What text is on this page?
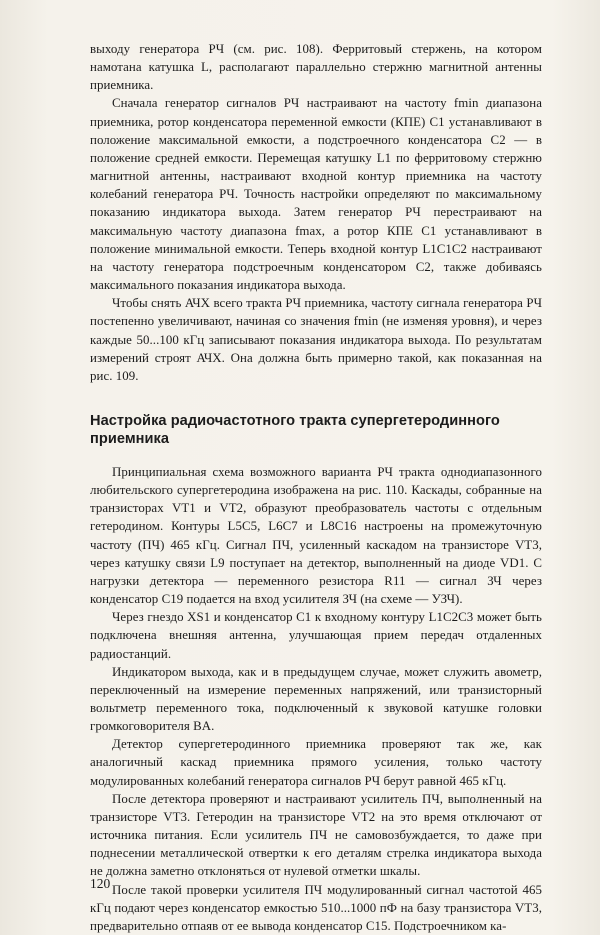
выходу генератора РЧ (см. рис. 108). Ферритовый стержень, на котором намотана катушка L, располагают параллельно стержню магнитной антенны приемника.

Сначала генератор сигналов РЧ настраивают на частоту fmin диапазона приемника, ротор конденсатора переменной емкости (КПЕ) C1 устанавливают в положение максимальной емкости, а подстроечного конденсатора C2 — в положение средней емкости. Перемещая катушку L1 по ферритовому стержню магнитной антенны, настраивают входной контур приемника на частоту колебаний генератора РЧ. Точность настройки определяют по максимальному показанию индикатора выхода. Затем генератор РЧ перестраивают на максимальную частоту диапазона fmax, а ротор КПЕ C1 устанавливают в положение минимальной емкости. Теперь входной контур L1C1C2 настраивают на частоту генератора подстроечным конденсатором C2, также добиваясь максимального показания индикатора выхода.

Чтобы снять АЧХ всего тракта РЧ приемника, частоту сигнала генератора РЧ постепенно увеличивают, начиная со значения fmin (не изменяя уровня), и через каждые 50...100 кГц записывают показания индикатора выхода. По результатам измерений строят АЧХ. Она должна быть примерно такой, как показанная на рис. 109.

Настройка радиочастотного тракта супергетеродинного приемника

Принципиальная схема возможного варианта РЧ тракта однодиапазонного любительского супергетеродина изображена на рис. 110. Каскады, собранные на транзисторах VT1 и VT2, образуют преобразователь частоты с отдельным гетеродином. Контуры L5C5, L6C7 и L8C16 настроены на промежуточную частоту (ПЧ) 465 кГц. Сигнал ПЧ, усиленный каскадом на транзисторе VT3, через катушку связи L9 поступает на детектор, выполненный на диоде VD1. С нагрузки детектора — переменного резистора R11 — сигнал ЗЧ через конденсатор C19 подается на вход усилителя ЗЧ (на схеме — УЗЧ).

Через гнездо XS1 и конденсатор C1 к входному контуру L1C2C3 может быть подключена внешняя антенна, улучшающая прием передач отдаленных радиостанций.

Индикатором выхода, как и в предыдущем случае, может служить авометр, переключенный на измерение переменных напряжений, или транзисторный вольтметр переменного тока, подключенный к звуковой катушке головки громкоговорителя BA.

Детектор супергетеродинного приемника проверяют так же, как аналогичный каскад приемника прямого усиления, только частоту модулированных колебаний генератора сигналов РЧ берут равной 465 кГц.

После детектора проверяют и настраивают усилитель ПЧ, выполненный на транзисторе VT3. Гетеродин на транзисторе VT2 на это время отключают от источника питания. Если усилитель ПЧ не самовозбуждается, то даже при поднесении металлической отвертки к его деталям стрелка индикатора выхода не должна заметно отклоняться от нулевой отметки шкалы.

После такой проверки усилителя ПЧ модулированный сигнал частотой 465 кГц подают через конденсатор емкостью 510...1000 пФ на базу транзистора VT3, предварительно отпаяв от ее вывода конденсатор C15. Подстроечником ка-

120
